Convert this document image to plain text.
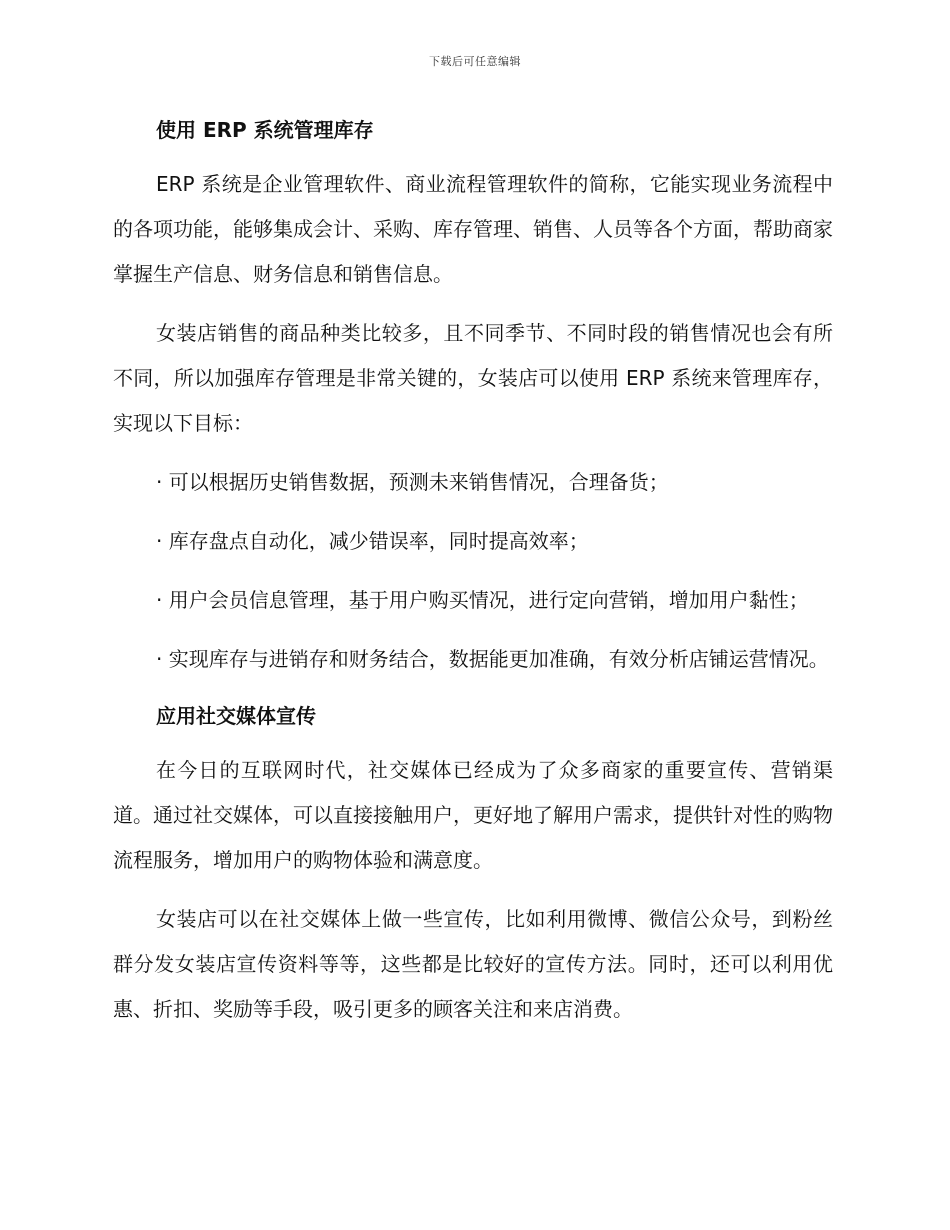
下载后可任意编辑
使用 ERP 系统管理库存

ERP 系统是企业管理软件、商业流程管理软件的简称，它能实现业务流程中的各项功能，能够集成会计、采购、库存管理、销售、人员等各个方面，帮助商家掌握生产信息、财务信息和销售信息。

女装店销售的商品种类比较多，且不同季节、不同时段的销售情况也会有所不同，所以加强库存管理是非常关键的，女装店可以使用 ERP 系统来管理库存，实现以下目标：

· 可以根据历史销售数据，预测未来销售情况，合理备货；

· 库存盘点自动化，减少错误率，同时提高效率；

· 用户会员信息管理，基于用户购买情况，进行定向营销，增加用户黏性；

· 实现库存与进销存和财务结合，数据能更加准确，有效分析店铺运营情况。

应用社交媒体宣传

在今日的互联网时代，社交媒体已经成为了众多商家的重要宣传、营销渠道。通过社交媒体，可以直接接触用户，更好地了解用户需求，提供针对性的购物流程服务，增加用户的购物体验和满意度。

女装店可以在社交媒体上做一些宣传，比如利用微博、微信公众号，到粉丝群分发女装店宣传资料等等，这些都是比较好的宣传方法。同时，还可以利用优惠、折扣、奖励等手段，吸引更多的顾客关注和来店消费。
